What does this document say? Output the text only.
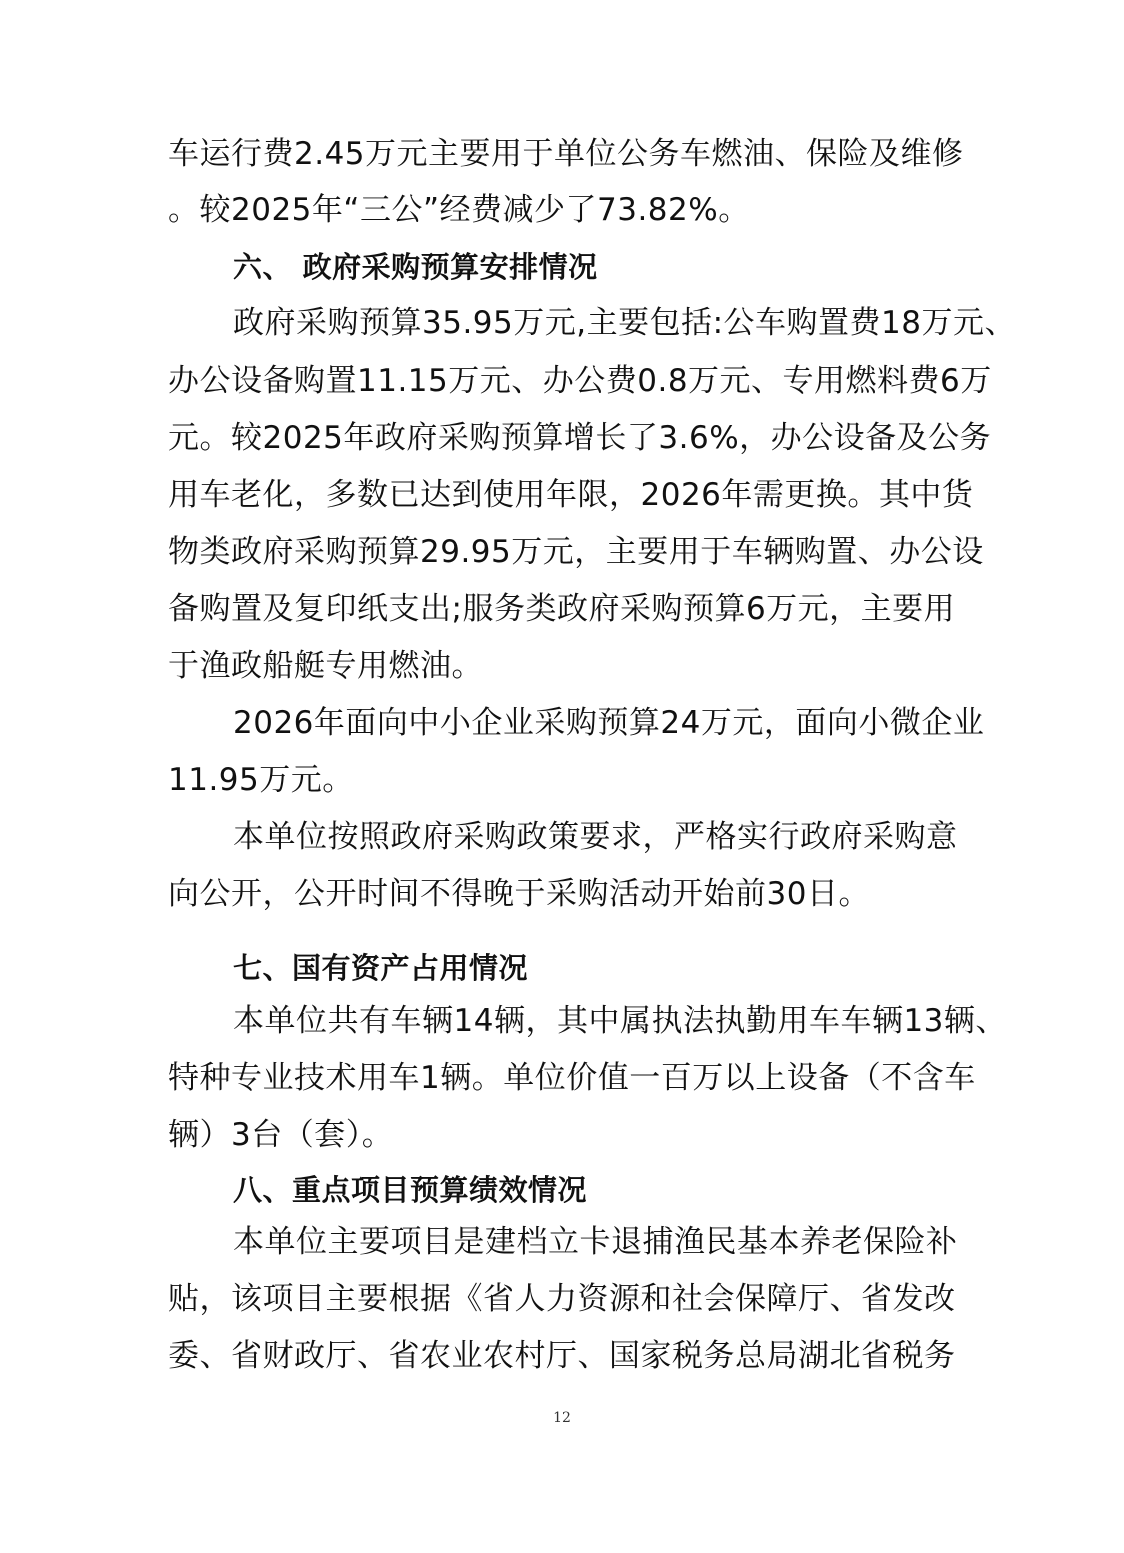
车运行费2.45万元主要用于单位公务车燃油、保险及维修

。较2025年“三公”经费减少了73.82%。

六、 政府采购预算安排情况

政府采购预算35.95万元,主要包括:公车购置费18万元、

办公设备购置11.15万元、办公费0.8万元、专用燃料费6万

元。较2025年政府采购预算增长了3.6%，办公设备及公务

用车老化，多数已达到使用年限，2026年需更换。其中货

物类政府采购预算29.95万元，主要用于车辆购置、办公设

备购置及复印纸支出;服务类政府采购预算6万元，主要用

于渔政船艇专用燃油。

2026年面向中小企业采购预算24万元，面向小微企业

11.95万元。

本单位按照政府采购政策要求，严格实行政府采购意

向公开，公开时间不得晚于采购活动开始前30日。

七、国有资产占用情况

本单位共有车辆14辆，其中属执法执勤用车车辆13辆、

特种专业技术用车1辆。单位价值一百万以上设备（不含车

辆）3台（套）。

八、重点项目预算绩效情况

本单位主要项目是建档立卡退捕渔民基本养老保险补

贴，该项目主要根据《省人力资源和社会保障厅、省发改

委、省财政厅、省农业农村厅、国家税务总局湖北省税务

12
